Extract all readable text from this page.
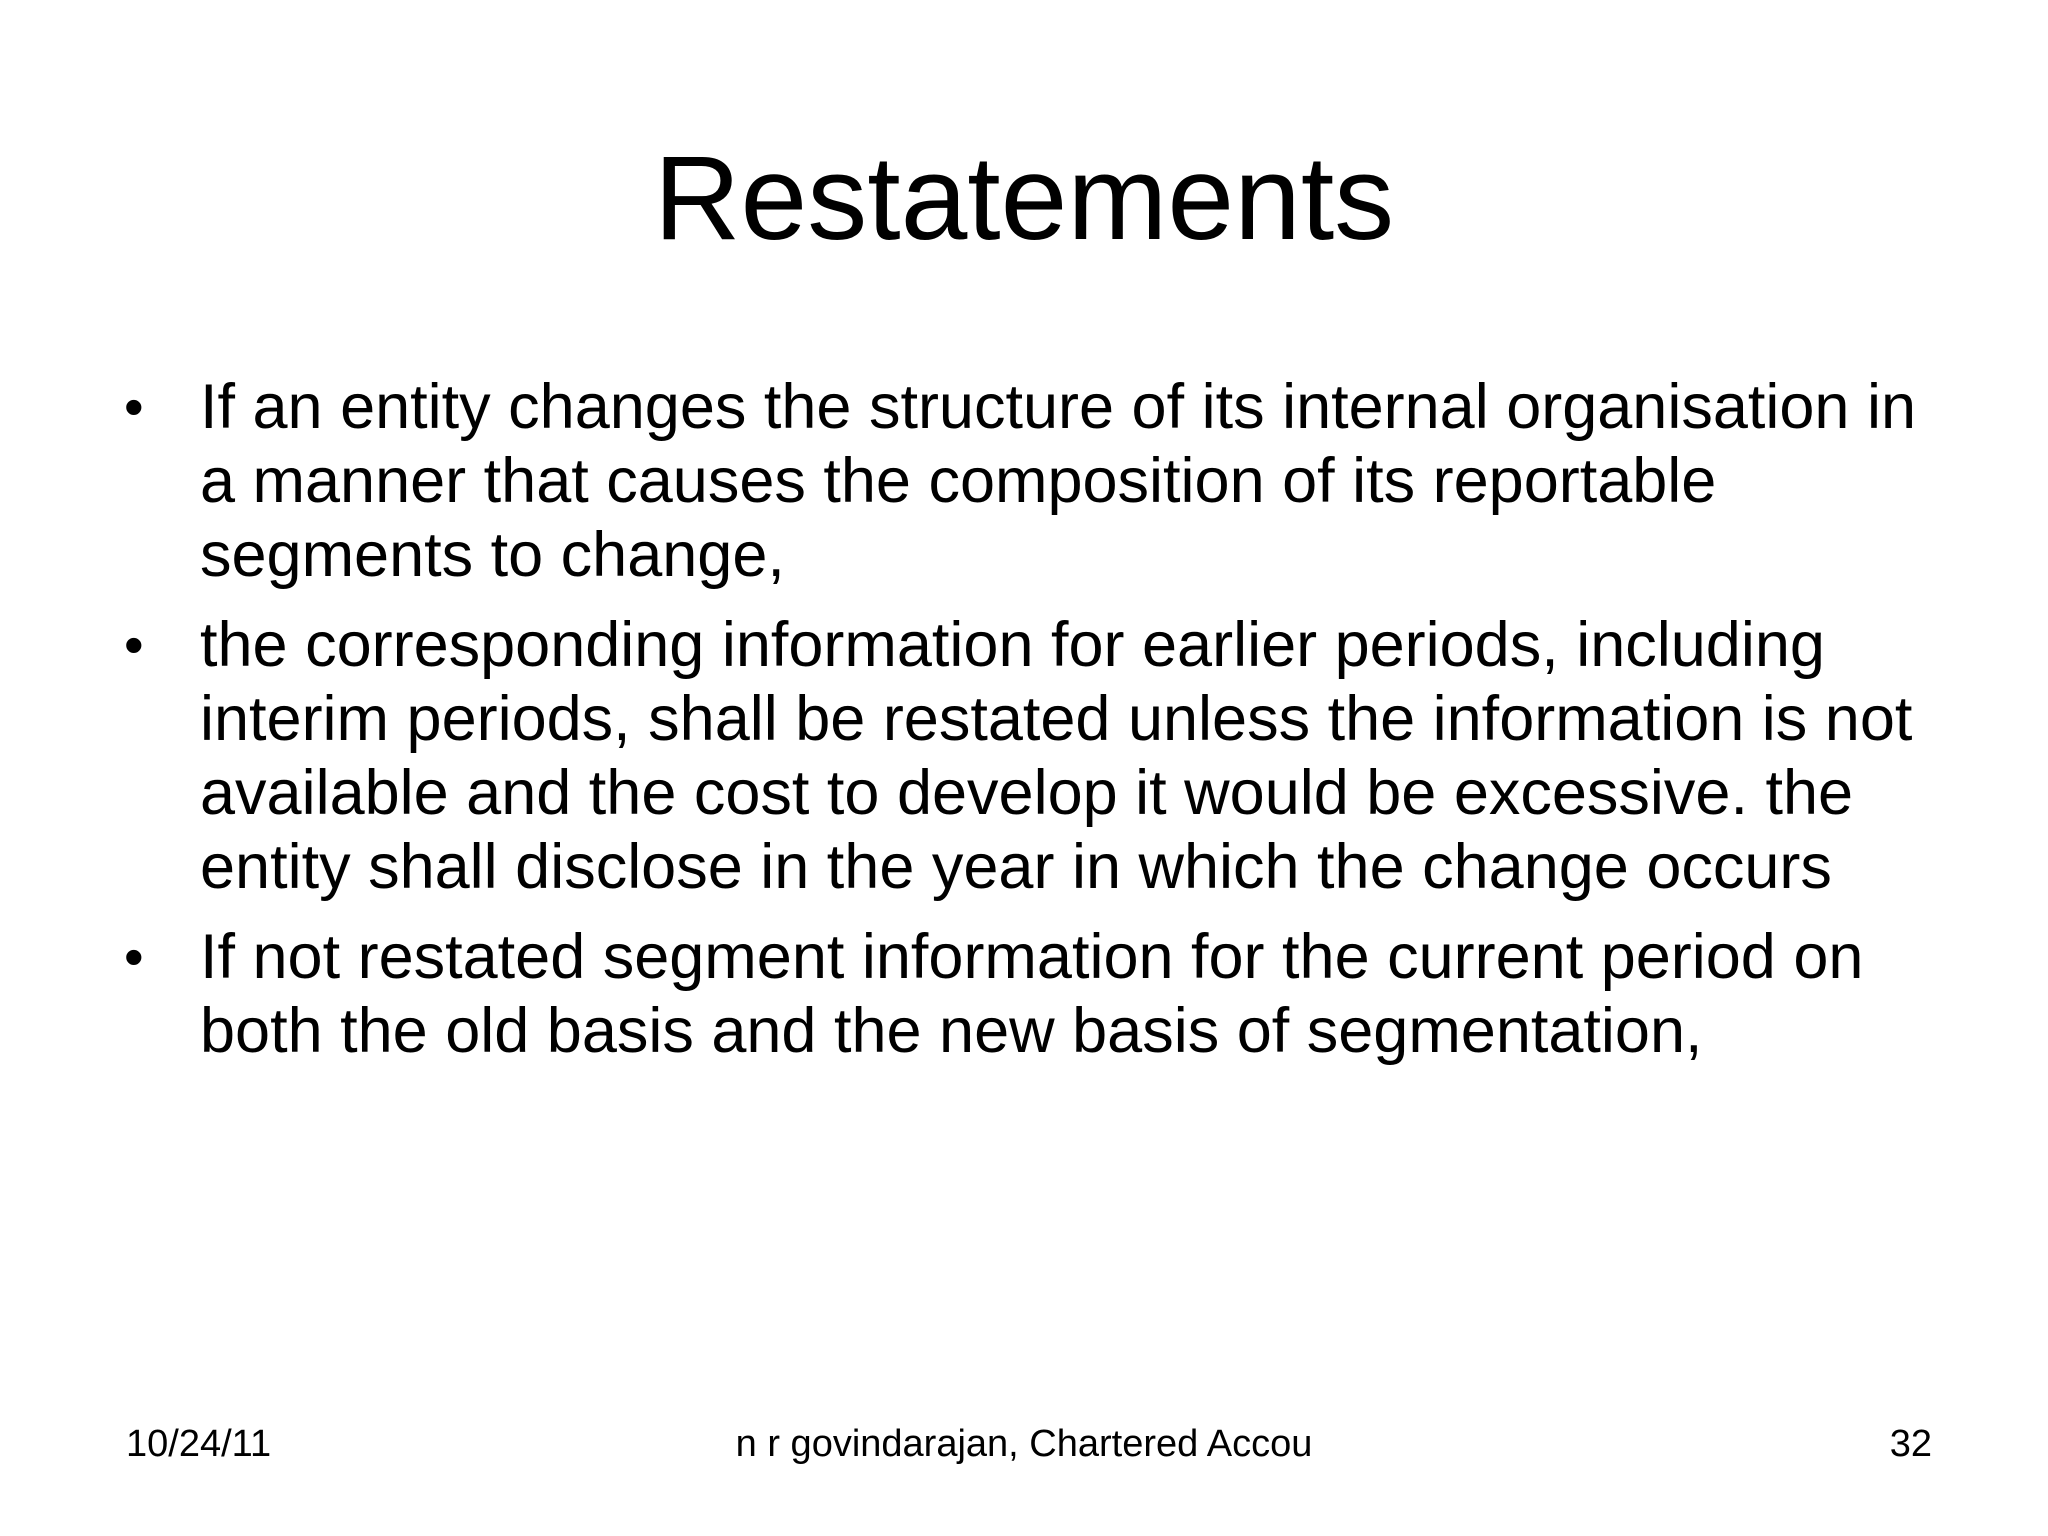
Restatements
• If an entity changes the structure of its internal organisation in a manner that causes the composition of its reportable segments to change,
• the corresponding information for earlier periods, including interim periods, shall be restated unless the information is not available and the cost to develop it would be excessive. the entity shall disclose in the year in which the change occurs
• If not restated segment information for the current period on both the old basis and the new basis of segmentation,
10/24/11	n r govindarajan, Chartered Accou	32
